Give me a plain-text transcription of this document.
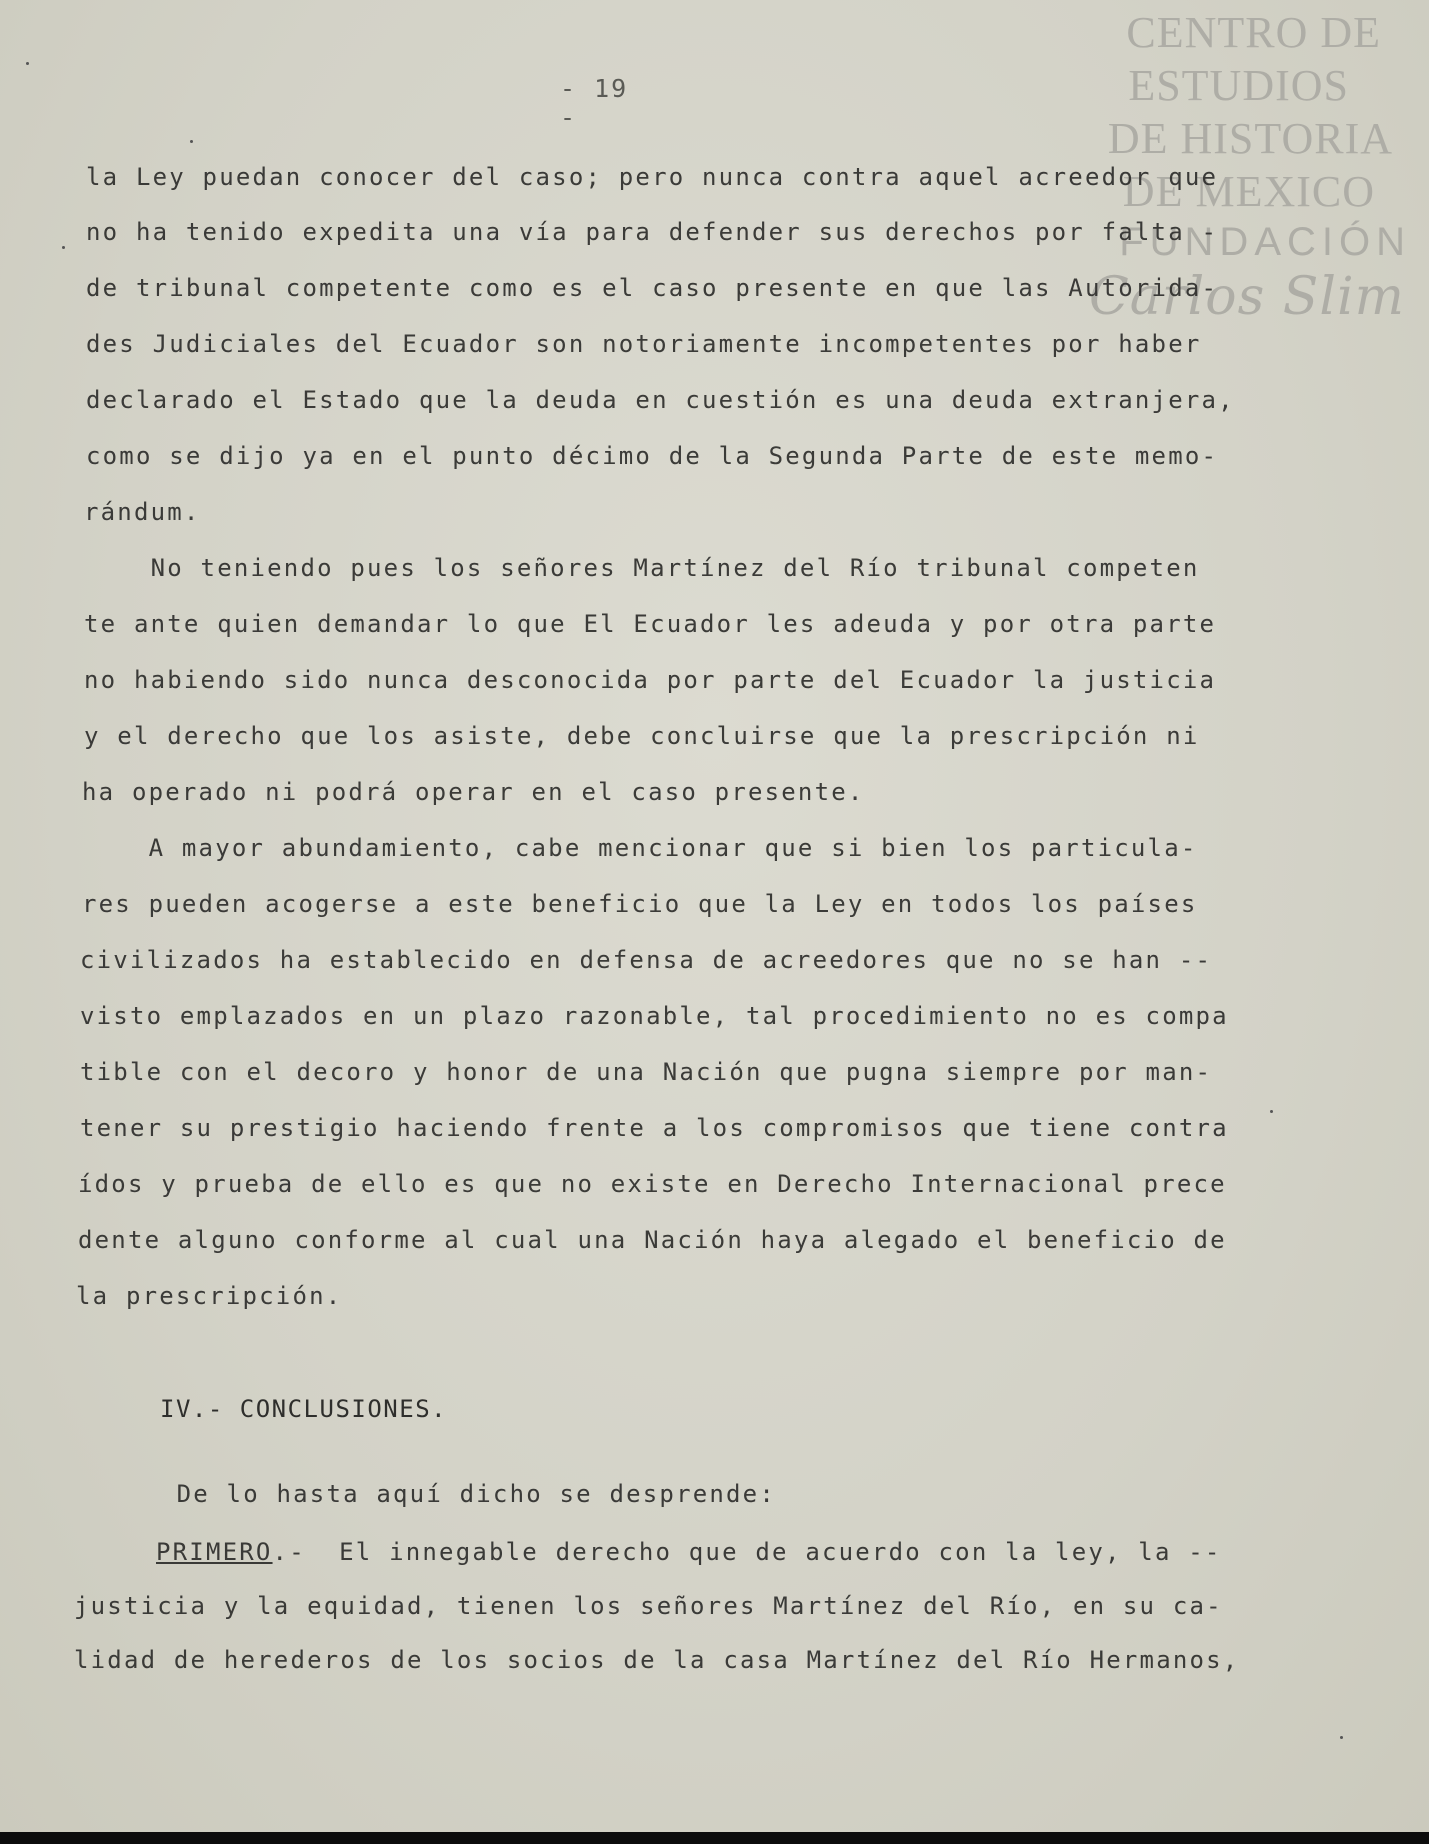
CENTRO DE
ESTUDIOS
DE HISTORIA
DE MEXICO
FUNDACIÓN
Carlos Slim
- 19 -
la Ley puedan conocer del caso; pero nunca contra aquel acreedor que
no ha tenido expedita una vía para defender sus derechos por falta -
de tribunal competente como es el caso presente en que las Autorida-
des Judiciales del Ecuador son notoriamente incompetentes por haber
declarado el Estado que la deuda en cuestión es una deuda extranjera,
como se dijo ya en el punto décimo de la Segunda Parte de este memo-
rándum.
No teniendo pues los señores Martínez del Río tribunal competen
te ante quien demandar lo que El Ecuador les adeuda y por otra parte
no habiendo sido nunca desconocida por parte del Ecuador la justicia
y el derecho que los asiste, debe concluirse que la prescripción ni
ha operado ni podrá operar en el caso presente.
A mayor abundamiento, cabe mencionar que si bien los particula-
res pueden acogerse a este beneficio que la Ley en todos los países
civilizados ha establecido en defensa de acreedores que no se han --
visto emplazados en un plazo razonable, tal procedimiento no es compa
tible con el decoro y honor de una Nación que pugna siempre por man-
tener su prestigio haciendo frente a los compromisos que tiene contra
ídos y prueba de ello es que no existe en Derecho Internacional prece
dente alguno conforme al cual una Nación haya alegado el beneficio de
la prescripción.
IV.- CONCLUSIONES.
De lo hasta aquí dicho se desprende:
PRIMERO.-  El innegable derecho que de acuerdo con la ley, la --
justicia y la equidad, tienen los señores Martínez del Río, en su ca-
lidad de herederos de los socios de la casa Martínez del Río Hermanos,
